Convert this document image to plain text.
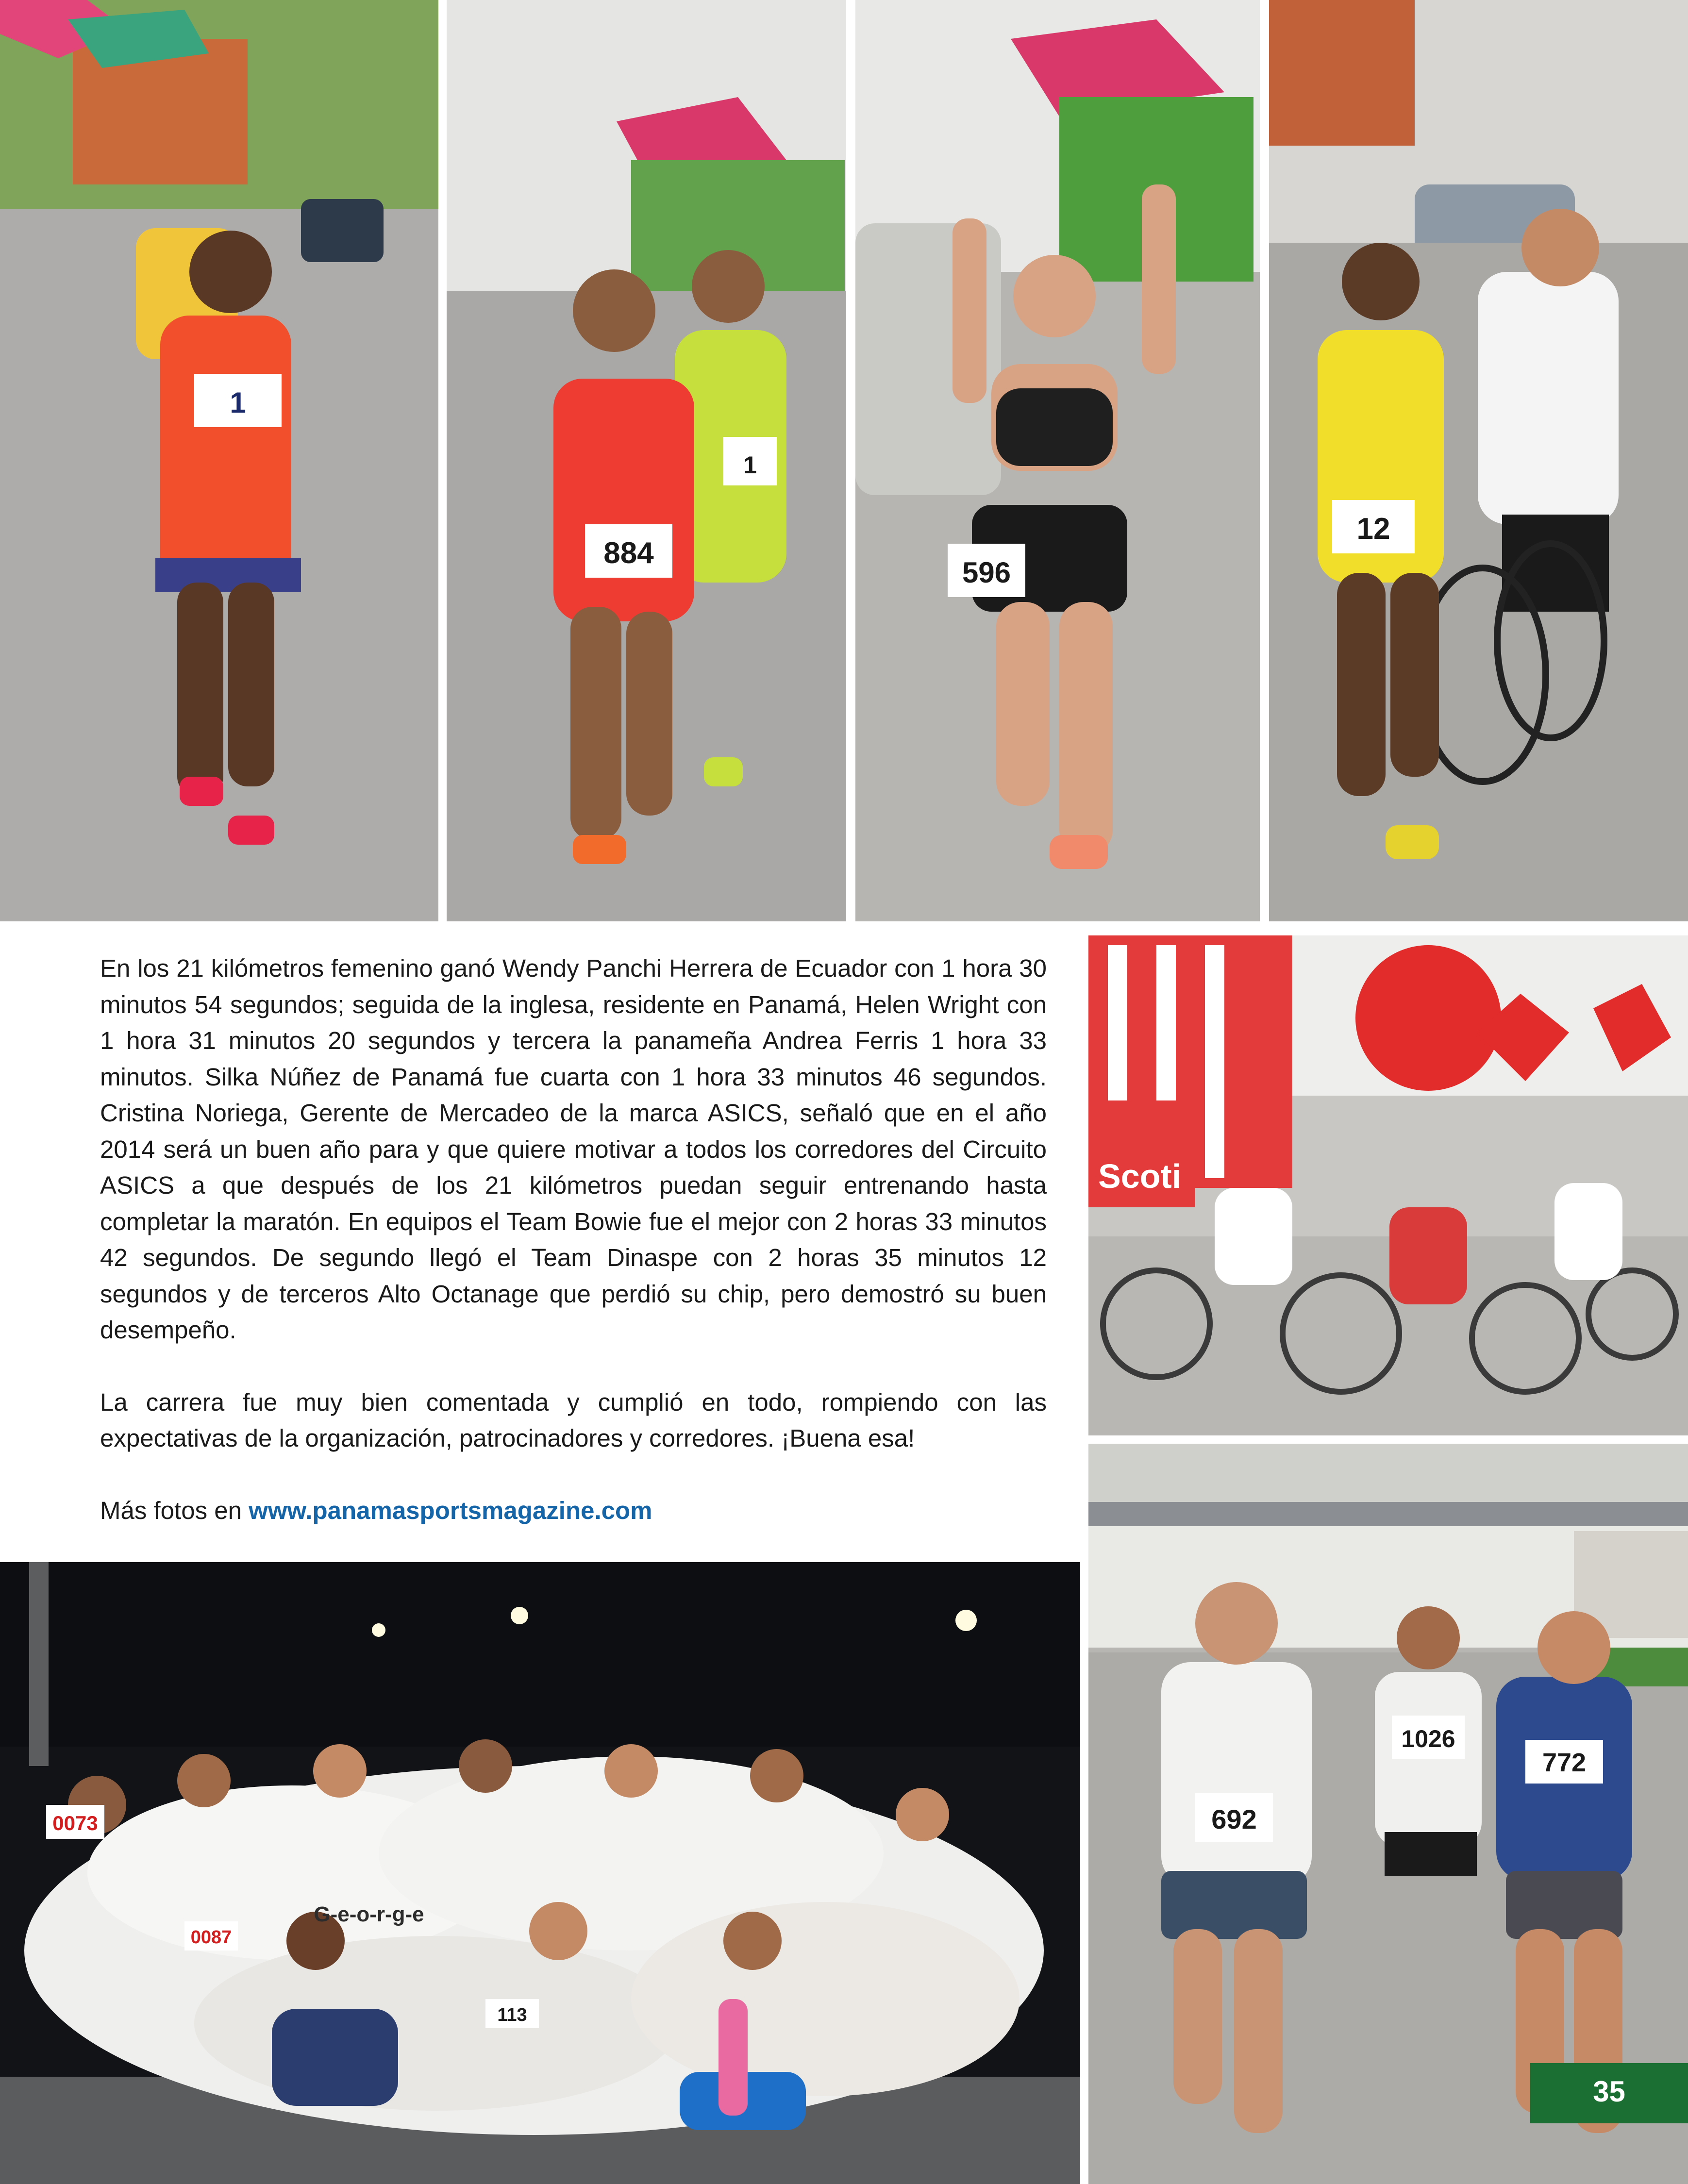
1
884
1
596
12

En los 21 kilómetros femenino ganó Wendy Panchi Herrera de Ecuador con 1 hora 30 minutos 54 segundos; seguida de la inglesa, residente en Panamá, Helen Wright con 1 hora 31 minutos 20 segundos y tercera la panameña Andrea Ferris 1 hora 33 minutos. Silka Núñez de Panamá fue cuarta con 1 hora 33 minutos 46 segundos. Cristina Noriega, Gerente de Mercadeo de la marca ASICS, señaló que en el año 2014 será un buen año para y que quiere motivar a todos los corredores del Circuito ASICS a que después de los 21 kilómetros puedan seguir entrenando hasta completar la maratón. En equipos el Team Bowie fue el mejor con 2 horas 33 minutos 42 segundos. De segundo llegó el Team Dinaspe con 2 horas 35 minutos 12 segundos y de terceros Alto Octanage que perdió su chip, pero demostró su buen desempeño.

La carrera fue muy bien comentada y cumplió en todo, rompiendo con las expectativas de la organización, patrocinadores y corredores. ¡Buena esa!

Más fotos en www.panamasportsmagazine.com

Scoti
692
1026
772
G-e-o-r-g-e
0073
113
0087
35
